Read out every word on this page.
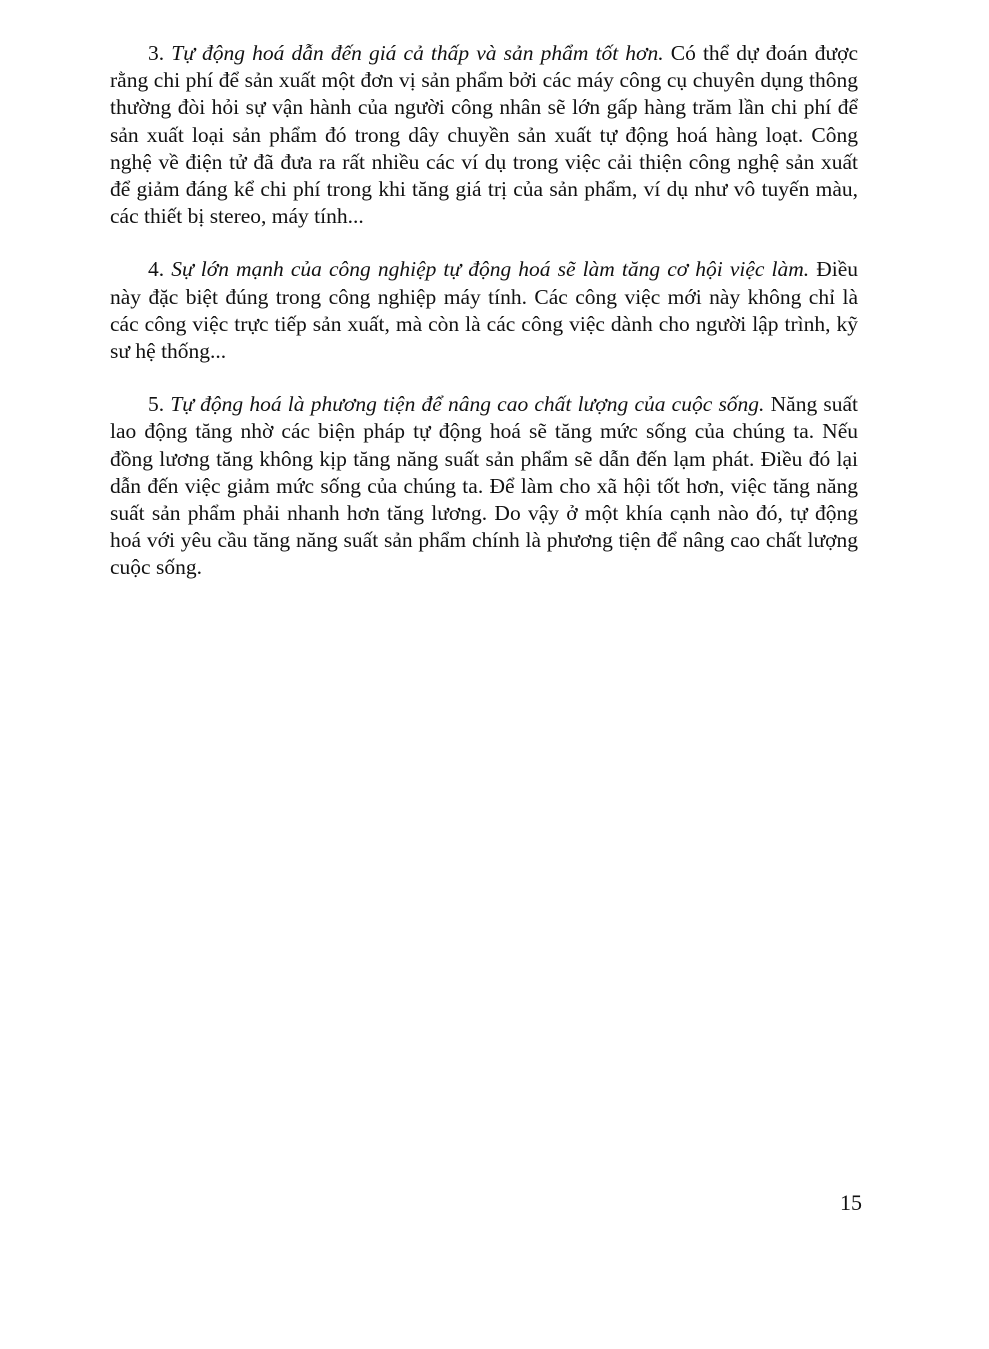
3. Tự động hoá dẫn đến giá cả thấp và sản phẩm tốt hơn. Có thể dự đoán được rằng chi phí để sản xuất một đơn vị sản phẩm bởi các máy công cụ chuyên dụng thông thường đòi hỏi sự vận hành của người công nhân sẽ lớn gấp hàng trăm lần chi phí để sản xuất loại sản phẩm đó trong dây chuyền sản xuất tự động hoá hàng loạt. Công nghệ về điện tử đã đưa ra rất nhiều các ví dụ trong việc cải thiện công nghệ sản xuất để giảm đáng kể chi phí trong khi tăng giá trị của sản phẩm, ví dụ như vô tuyến màu, các thiết bị stereo, máy tính...

4. Sự lớn mạnh của công nghiệp tự động hoá sẽ làm tăng cơ hội việc làm. Điều này đặc biệt đúng trong công nghiệp máy tính. Các công việc mới này không chỉ là các công việc trực tiếp sản xuất, mà còn là các công việc dành cho người lập trình, kỹ sư hệ thống...

5. Tự động hoá là phương tiện để nâng cao chất lượng của cuộc sống. Năng suất lao động tăng nhờ các biện pháp tự động hoá sẽ tăng mức sống của chúng ta. Nếu đồng lương tăng không kịp tăng năng suất sản phẩm sẽ dẫn đến lạm phát. Điều đó lại dẫn đến việc giảm mức sống của chúng ta. Để làm cho xã hội tốt hơn, việc tăng năng suất sản phẩm phải nhanh hơn tăng lương. Do vậy ở một khía cạnh nào đó, tự động hoá với yêu cầu tăng năng suất sản phẩm chính là phương tiện để nâng cao chất lượng cuộc sống.

15
